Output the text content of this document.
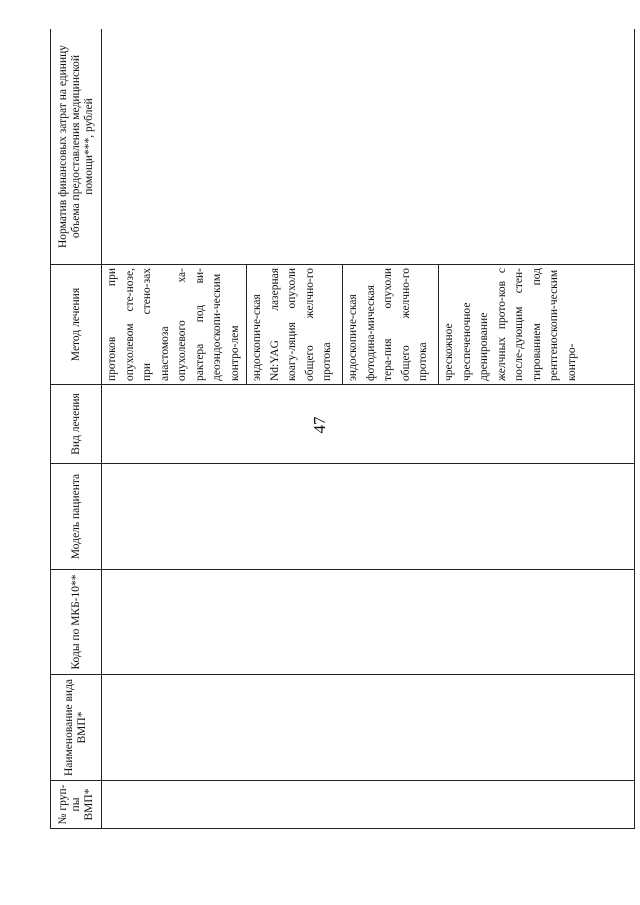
47
№ груп-пы ВМП*	Наименование вида ВМП*	Коды по МКБ-10**	Модель пациента	Вид лечения	Метод лечения	Норматив финансовых затрат на единицу объема предоставления медицинской помощи***, рублей

					протоков при опухолевом сте-нозе, при стено-зах анастомоза опухолевого ха-рактера под ви-деоэндоскопи-ческим контро-лем	

					эндоскопиче-ская Nd:YAG лазерная коагу-ляция опухоли общего желчно-го протока	

					эндоскопиче-ская фотодина-мическая тера-пия опухоли общего желчно-го протока	

					чрескожное чреспеченочное дренирование желчных прото-ков с после-дующим стен-тированием под рентгеноскопи-ческим контро-	
